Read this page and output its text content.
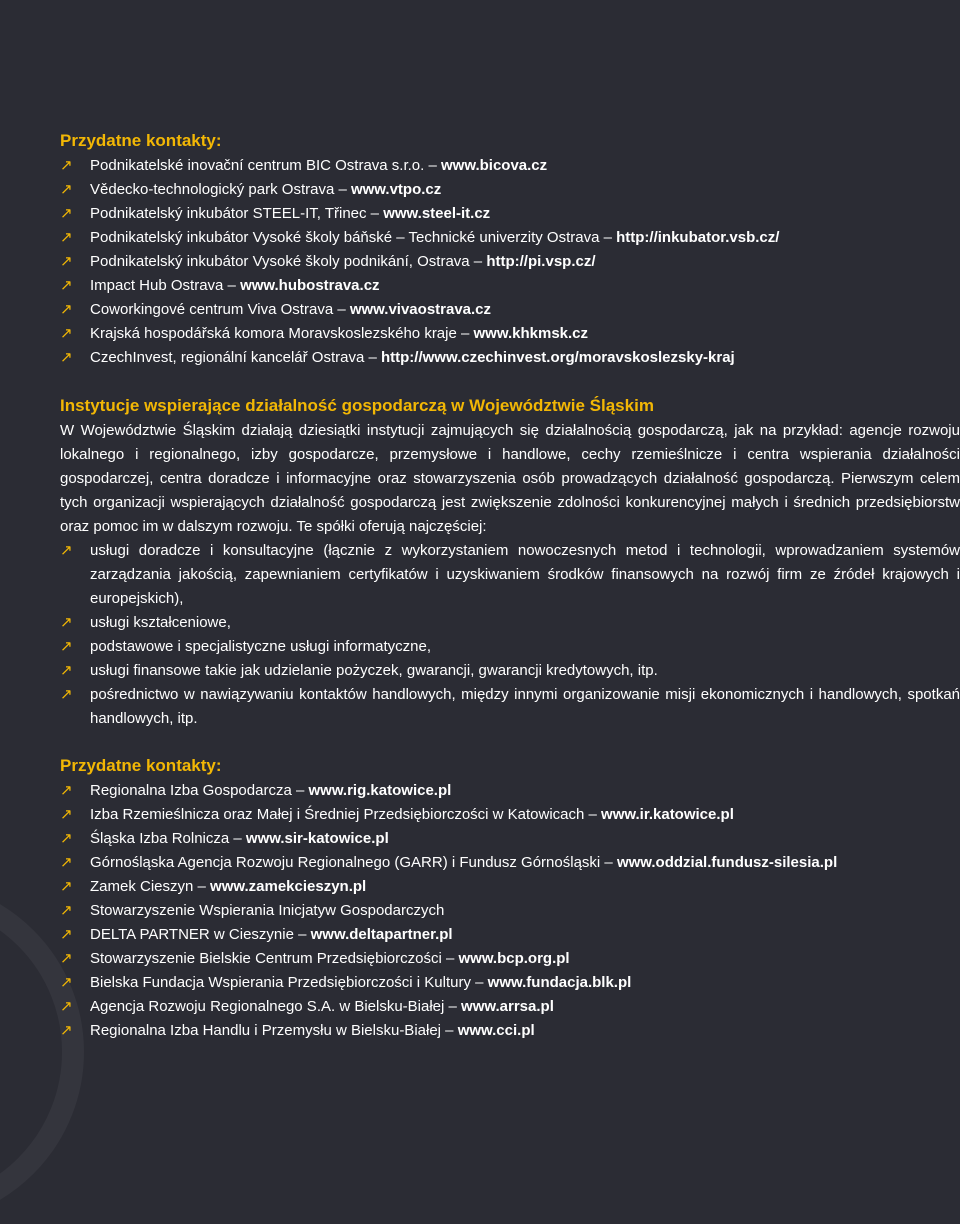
Przydatne kontakty:
↗ Podnikatelské inovační centrum BIC Ostrava s.r.o. – www.bicova.cz
↗ Vědecko-technologický park Ostrava – www.vtpo.cz
↗ Podnikatelský inkubátor STEEL-IT, Třinec – www.steel-it.cz
↗ Podnikatelský inkubátor Vysoké školy báňské – Technické univerzity Ostrava – http://inkubator.vsb.cz/
↗ Podnikatelský inkubátor Vysoké školy podnikání, Ostrava – http://pi.vsp.cz/
↗ Impact Hub Ostrava – www.hubostrava.cz
↗ Coworkingové centrum Viva Ostrava – www.vivaostrava.cz
↗ Krajská hospodářská komora Moravskoslezského kraje – www.khkmsk.cz
↗ CzechInvest, regionální kancelář Ostrava – http://www.czechinvest.org/moravskoslezsky-kraj
Instytucje wspierające działalność gospodarczą w Województwie Śląskim

W Województwie Śląskim działają dziesiątki instytucji zajmujących się działalnością gospodarczą, jak na przykład: agencje rozwoju lokalnego i regionalnego, izby gospodarcze, przemysłowe i handlowe, cechy rzemieślnicze i centra wspierania działalności gospodarczej, centra doradcze i informacyjne oraz stowarzyszenia osób prowadzących działalność gospodarczą. Pierwszym celem tych organizacji wspierających działalność gospodarczą jest zwiększenie zdolności konkurencyjnej małych i średnich przedsiębiorstw oraz pomoc im w dalszym rozwoju. Te spółki oferują najczęściej:

↗ usługi doradcze i konsultacyjne (łącznie z wykorzystaniem nowoczesnych metod i technologii, wprowadzaniem systemów zarządzania jakością, zapewnianiem certyfikatów i uzyskiwaniem środków finansowych na rozwój firm ze źródeł krajowych i europejskich),
↗ usługi kształceniowe,
↗ podstawowe i specjalistyczne usługi informatyczne,
↗ usługi finansowe takie jak udzielanie pożyczek, gwarancji, gwarancji kredytowych, itp.
↗ pośrednictwo w nawiązywaniu kontaktów handlowych, między innymi organizowanie misji ekonomicznych i handlowych, spotkań handlowych, itp.
Przydatne kontakty:
↗ Regionalna Izba Gospodarcza – www.rig.katowice.pl
↗ Izba Rzemieślnicza oraz Małej i Średniej Przedsiębiorczości w Katowicach – www.ir.katowice.pl
↗ Śląska Izba Rolnicza – www.sir-katowice.pl
↗ Górnośląska Agencja Rozwoju Regionalnego (GARR) i Fundusz Górnośląski – www.oddzial.fundusz-silesia.pl
↗ Zamek Cieszyn – www.zamekcieszyn.pl
↗ Stowarzyszenie Wspierania Inicjatyw Gospodarczych
↗ DELTA PARTNER w Cieszynie – www.deltapartner.pl
↗ Stowarzyszenie Bielskie Centrum Przedsiębiorczości – www.bcp.org.pl
↗ Bielska Fundacja Wspierania Przedsiębiorczości i Kultury – www.fundacja.blk.pl
↗ Agencja Rozwoju Regionalnego S.A. w Bielsku-Białej – www.arrsa.pl
↗ Regionalna Izba Handlu i Przemysłu w Bielsku-Białej – www.cci.pl
